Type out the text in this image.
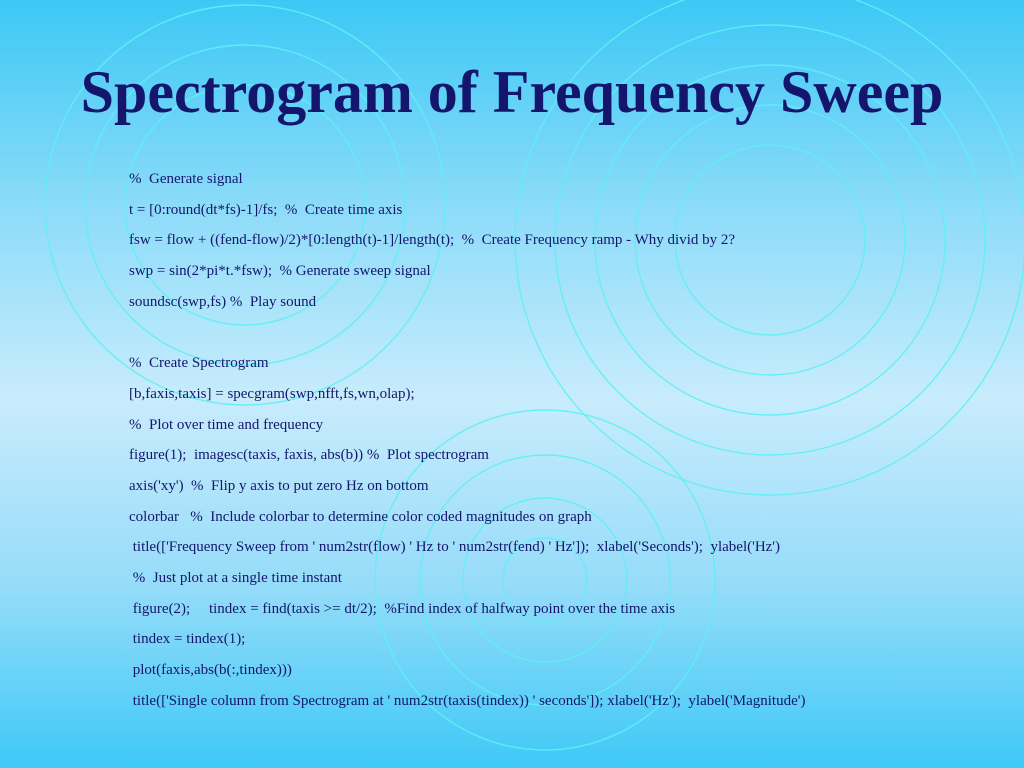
Spectrogram of Frequency Sweep
%  Generate signal
t = [0:round(dt*fs)-1]/fs;  %  Create time axis
fsw = flow + ((fend-flow)/2)*[0:length(t)-1]/length(t);  %  Create Frequency ramp - Why divid by 2?
swp = sin(2*pi*t.*fsw);  % Generate sweep signal
soundsc(swp,fs) %  Play sound
%  Create Spectrogram
[b,faxis,taxis] = specgram(swp,nfft,fs,wn,olap);
%  Plot over time and frequency
figure(1);  imagesc(taxis, faxis, abs(b)) %  Plot spectrogram
axis('xy')  %  Flip y axis to put zero Hz on bottom
colorbar   %  Include colorbar to determine color coded magnitudes on graph
title(['Frequency Sweep from ' num2str(flow) ' Hz to ' num2str(fend) ' Hz']);  xlabel('Seconds');  ylabel('Hz')
%  Just plot at a single time instant
figure(2);     tindex = find(taxis >= dt/2);  %Find index of halfway point over the time axis
tindex = tindex(1);
plot(faxis,abs(b(:,tindex)))
title(['Single column from Spectrogram at ' num2str(taxis(tindex)) ' seconds']); xlabel('Hz');  ylabel('Magnitude')
